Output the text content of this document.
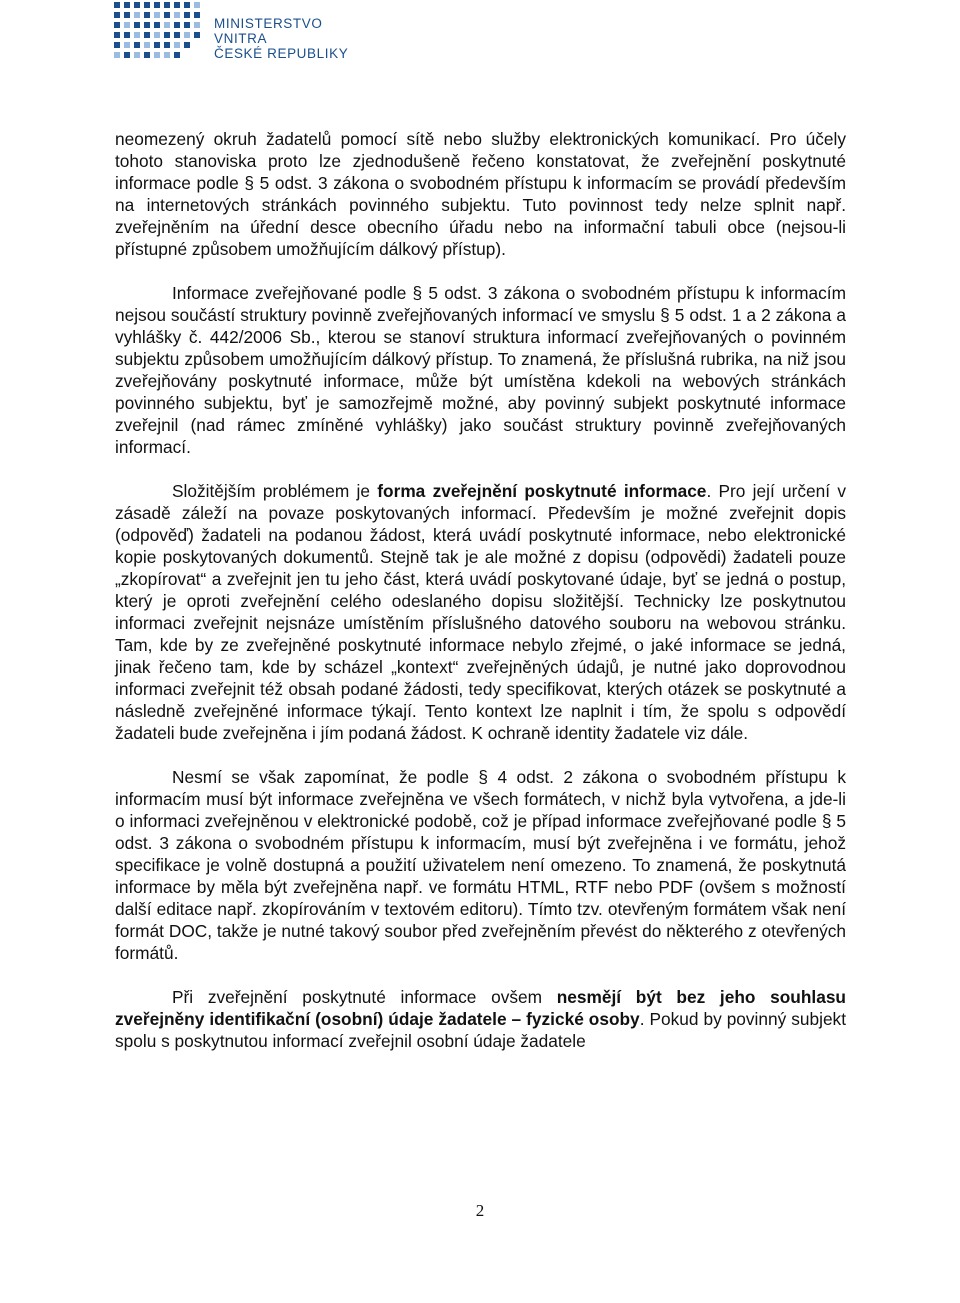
MINISTERSTVO VNITRA
ČESKÉ REPUBLIKY

neomezený okruh žadatelů pomocí sítě nebo služby elektronických komunikací. Pro účely tohoto stanoviska proto lze zjednodušeně řečeno konstatovat, že zveřejnění poskytnuté informace podle § 5 odst. 3 zákona o svobodném přístupu k informacím se provádí především na internetových stránkách povinného subjektu. Tuto povinnost tedy nelze splnit např. zveřejněním na úřední desce obecního úřadu nebo na informační tabuli obce (nejsou-li přístupné způsobem umožňujícím dálkový přístup).

Informace zveřejňované podle § 5 odst. 3 zákona o svobodném přístupu k informacím nejsou součástí struktury povinně zveřejňovaných informací ve smyslu § 5 odst. 1 a 2 zákona a vyhlášky č. 442/2006 Sb., kterou se stanoví struktura informací zveřejňovaných o povinném subjektu způsobem umožňujícím dálkový přístup. To znamená, že příslušná rubrika, na niž jsou zveřejňovány poskytnuté informace, může být umístěna kdekoli na webových stránkách povinného subjektu, byť je samozřejmě možné, aby povinný subjekt poskytnuté informace zveřejnil (nad rámec zmíněné vyhlášky) jako součást struktury povinně zveřejňovaných informací.

Složitějším problémem je forma zveřejnění poskytnuté informace. Pro její určení v zásadě záleží na povaze poskytovaných informací. Především je možné zveřejnit dopis (odpověď) žadateli na podanou žádost, která uvádí poskytnuté informace, nebo elektronické kopie poskytovaných dokumentů. Stejně tak je ale možné z dopisu (odpovědi) žadateli pouze „zkopírovat“ a zveřejnit jen tu jeho část, která uvádí poskytované údaje, byť se jedná o postup, který je oproti zveřejnění celého odeslaného dopisu složitější. Technicky lze poskytnutou informaci zveřejnit nejsnáze umístěním příslušného datového souboru na webovou stránku. Tam, kde by ze zveřejněné poskytnuté informace nebylo zřejmé, o jaké informace se jedná, jinak řečeno tam, kde by scházel „kontext“ zveřejněných údajů, je nutné jako doprovodnou informaci zveřejnit též obsah podané žádosti, tedy specifikovat, kterých otázek se poskytnuté a následně zveřejněné informace týkají. Tento kontext lze naplnit i tím, že spolu s odpovědí žadateli bude zveřejněna i jím podaná žádost. K ochraně identity žadatele viz dále.

Nesmí se však zapomínat, že podle § 4 odst. 2 zákona o svobodném přístupu k informacím musí být informace zveřejněna ve všech formátech, v nichž byla vytvořena, a jde-li o informaci zveřejněnou v elektronické podobě, což je případ informace zveřejňované podle § 5 odst. 3 zákona o svobodném přístupu k informacím, musí být zveřejněna i ve formátu, jehož specifikace je volně dostupná a použití uživatelem není omezeno. To znamená, že poskytnutá informace by měla být zveřejněna např. ve formátu HTML, RTF nebo PDF (ovšem s možností další editace např. zkopírováním v textovém editoru). Tímto tzv. otevřeným formátem však není formát DOC, takže je nutné takový soubor před zveřejněním převést do některého z otevřených formátů.

Při zveřejnění poskytnuté informace ovšem nesmějí být bez jeho souhlasu zveřejněny identifikační (osobní) údaje žadatele – fyzické osoby. Pokud by povinný subjekt spolu s poskytnutou informací zveřejnil osobní údaje žadatele

2
